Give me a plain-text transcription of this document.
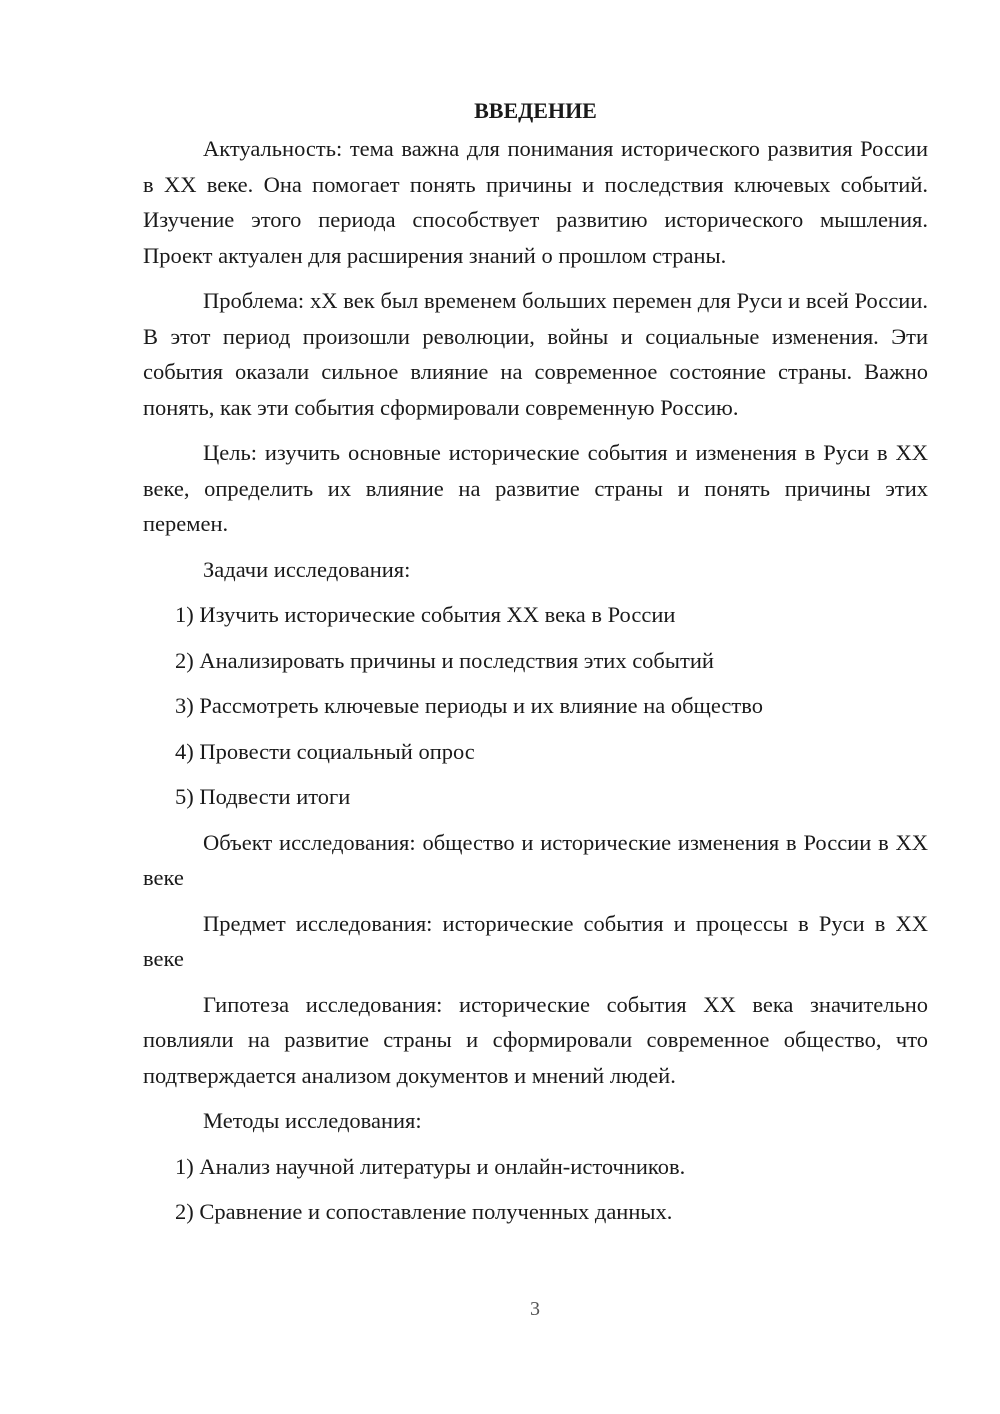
ВВЕДЕНИЕ

Актуальность: тема важна для понимания исторического развития России в XX веке. Она помогает понять причины и последствия ключевых событий. Изучение этого периода способствует развитию исторического мышления. Проект актуален для расширения знаний о прошлом страны.

Проблема: xX век был временем больших перемен для Руси и всей России. В этот период произошли революции, войны и социальные изменения. Эти события оказали сильное влияние на современное состояние страны. Важно понять, как эти события сформировали современную Россию.

Цель: изучить основные исторические события и изменения в Руси в XX веке, определить их влияние на развитие страны и понять причины этих перемен.

Задачи исследования:

1) Изучить исторические события XX века в России

2) Анализировать причины и последствия этих событий

3) Рассмотреть ключевые периоды и их влияние на общество

4) Провести социальный опрос

5) Подвести итоги

Объект исследования: общество и исторические изменения в России в XX веке

Предмет исследования: исторические события и процессы в Руси в XX веке

Гипотеза исследования: исторические события XX века значительно повлияли на развитие страны и сформировали современное общество, что подтверждается анализом документов и мнений людей.

Методы исследования:

1) Анализ научной литературы и онлайн-источников.

2) Сравнение и сопоставление полученных данных.

3
